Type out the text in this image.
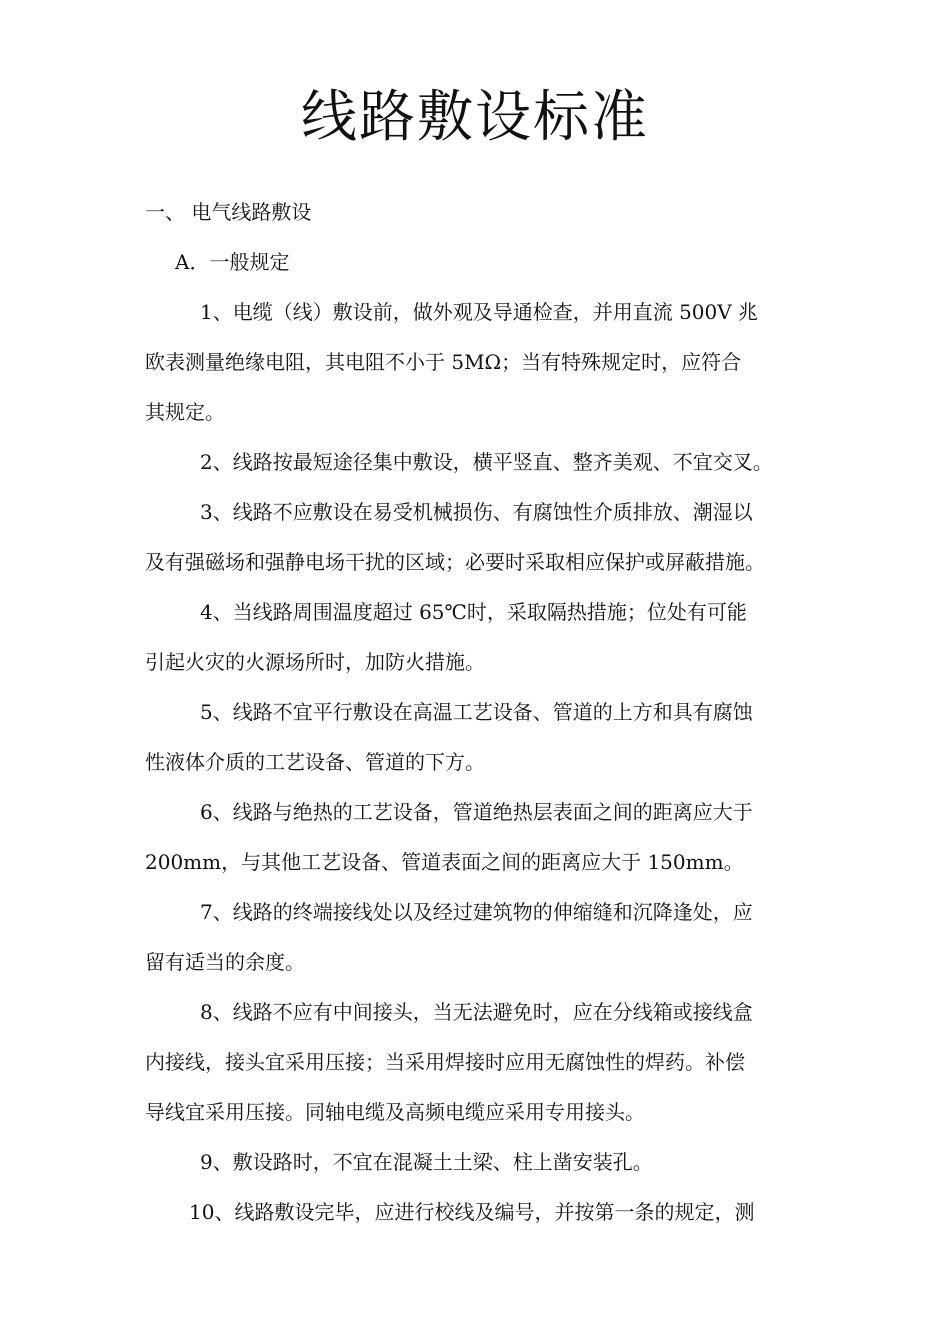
线路敷设标准
一、 电气线路敷设
A．一般规定
1、电缆（线）敷设前，做外观及导通检查，并用直流 500V 兆
欧表测量绝缘电阻，其电阻不小于 5MΩ；当有特殊规定时，应符合
其规定。
2、线路按最短途径集中敷设，横平竖直、整齐美观、不宜交叉。
3、线路不应敷设在易受机械损伤、有腐蚀性介质排放、潮湿以
及有强磁场和强静电场干扰的区域；必要时采取相应保护或屏蔽措施。
4、当线路周围温度超过 65℃时，采取隔热措施；位处有可能
引起火灾的火源场所时，加防火措施。
5、线路不宜平行敷设在高温工艺设备、管道的上方和具有腐蚀
性液体介质的工艺设备、管道的下方。
6、线路与绝热的工艺设备，管道绝热层表面之间的距离应大于
200mm，与其他工艺设备、管道表面之间的距离应大于 150mm。
7、线路的终端接线处以及经过建筑物的伸缩缝和沉降逢处，应
留有适当的余度。
8、线路不应有中间接头，当无法避免时，应在分线箱或接线盒
内接线，接头宜采用压接；当采用焊接时应用无腐蚀性的焊药。补偿
导线宜采用压接。同轴电缆及高频电缆应采用专用接头。
9、敷设路时，不宜在混凝土土梁、柱上凿安装孔。
10、线路敷设完毕，应进行校线及编号，并按第一条的规定，测
